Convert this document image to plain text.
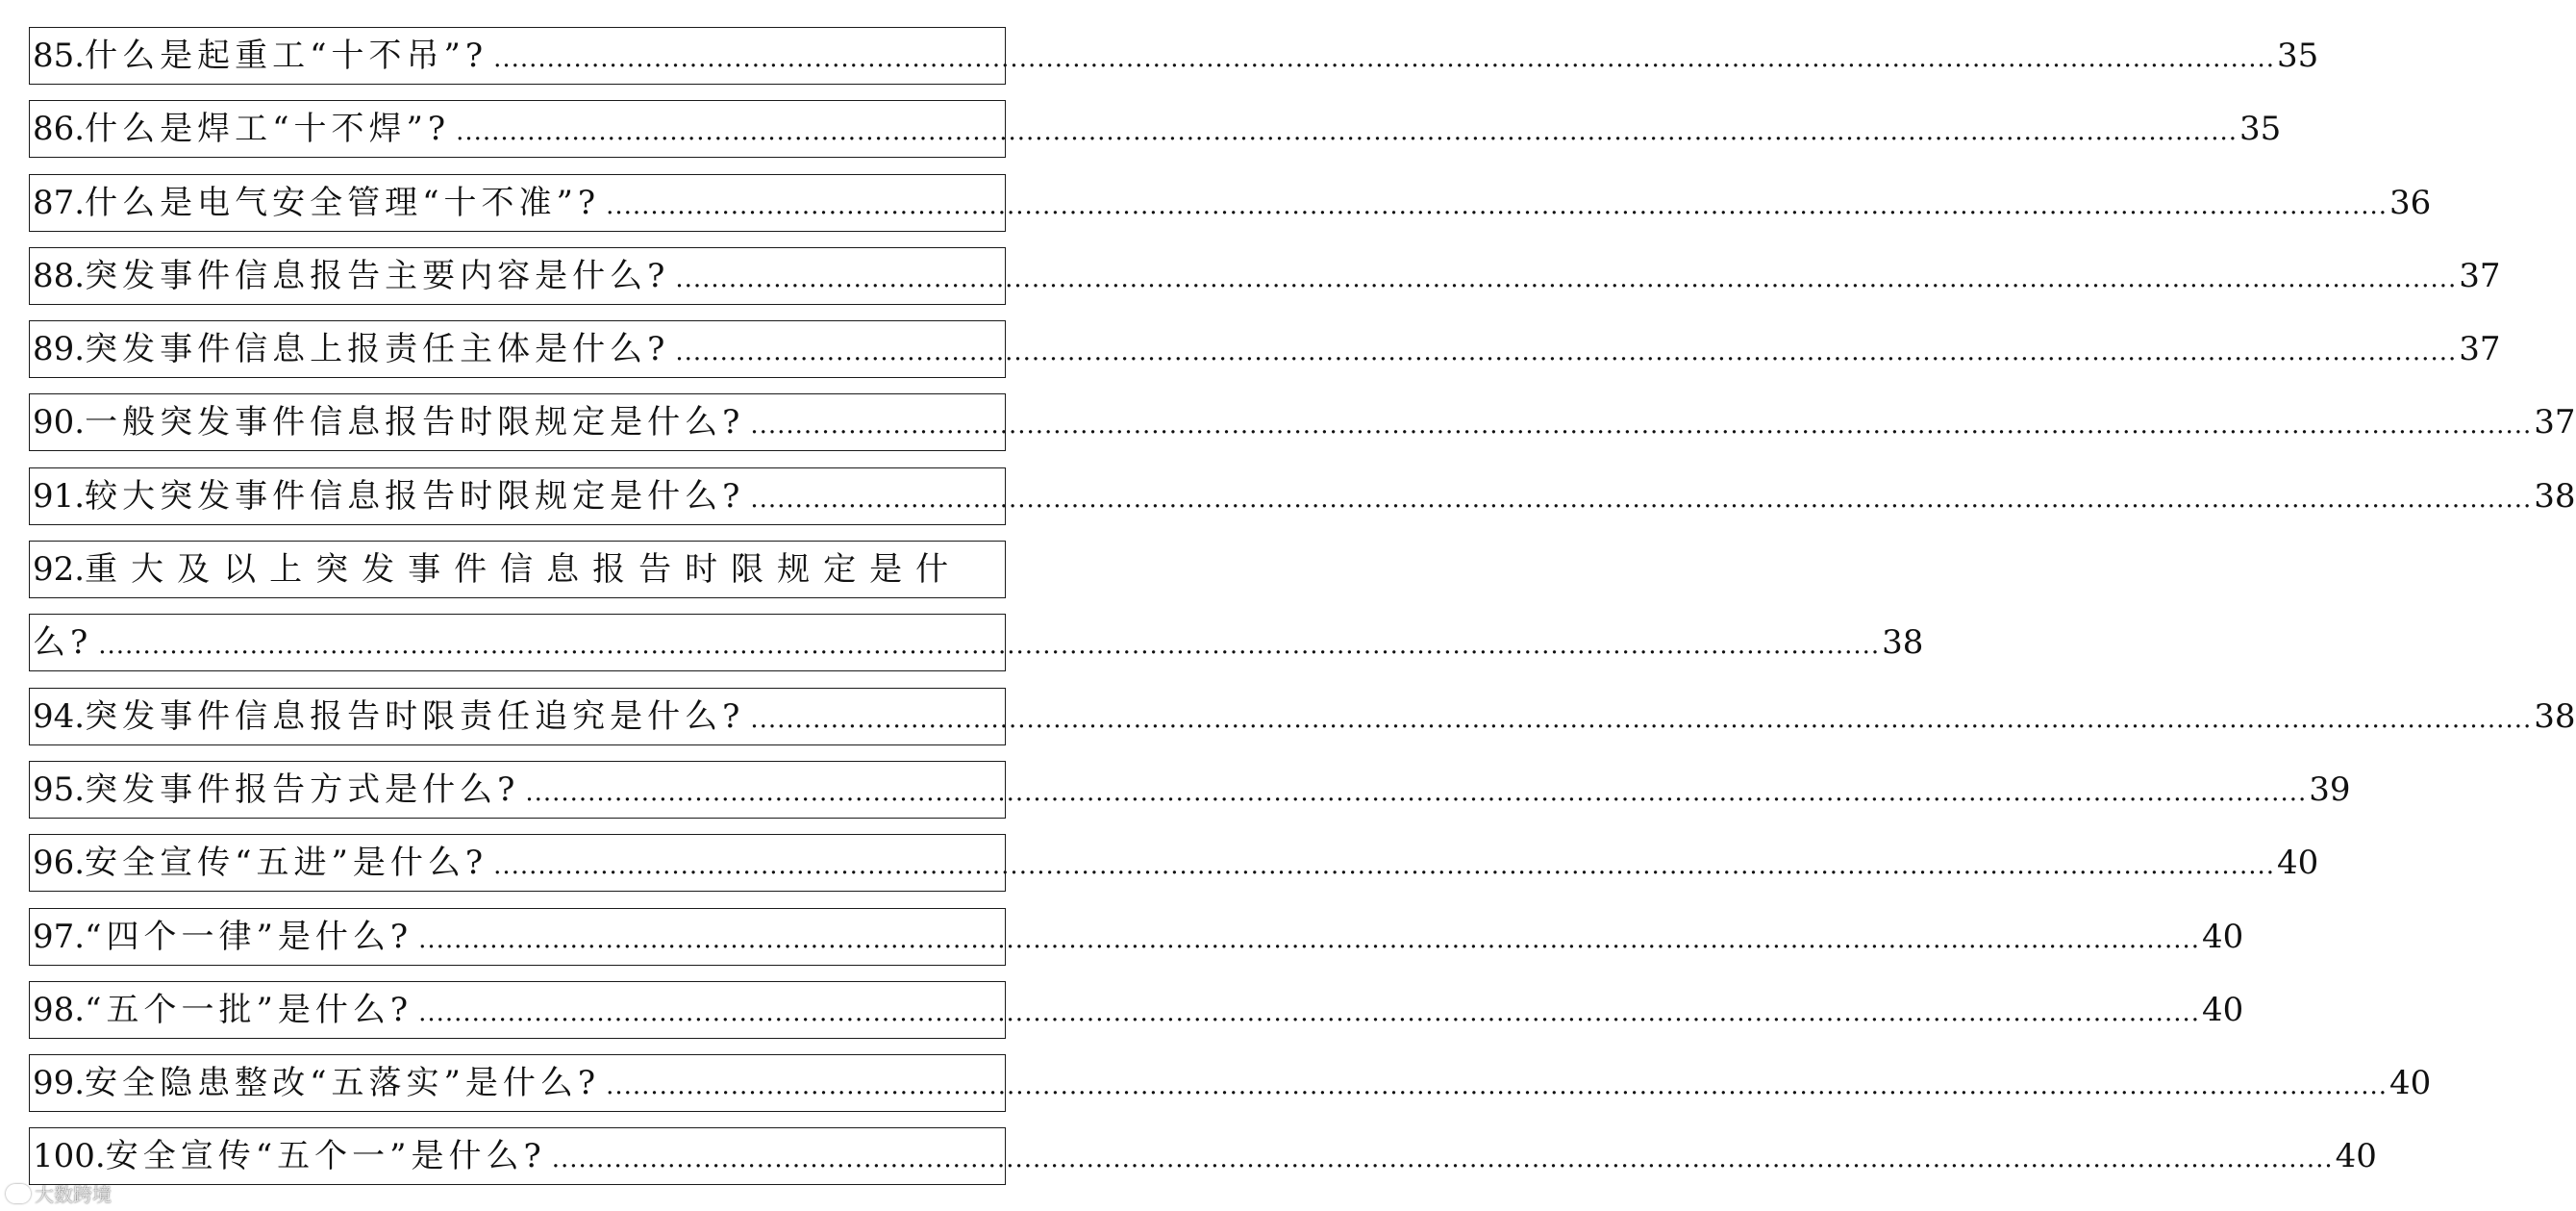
85. 什么是起重工“十不吊”? ........................................................................................................................................................................................................ 35
86. 什么是焊工“十不焊”? ........................................................................................................................................................................................................ 35
87. 什么是电气安全管理“十不准”? ........................................................................................................................................................................................................ 36
88. 突发事件信息报告主要内容是什么? ........................................................................................................................................................................................................ 37
89. 突发事件信息上报责任主体是什么? ........................................................................................................................................................................................................ 37
90. 一般突发事件信息报告时限规定是什么? ........................................................................................................................................................................................................ 37
91. 较大突发事件信息报告时限规定是什么? ........................................................................................................................................................................................................ 38
92. 重大及以上突发事件信息报告时限规定是什
么? ........................................................................................................................................................................................................ 38
94. 突发事件信息报告时限责任追究是什么? ........................................................................................................................................................................................................ 38
95. 突发事件报告方式是什么? ........................................................................................................................................................................................................ 39
96. 安全宣传“五进”是什么? ........................................................................................................................................................................................................ 40
97. “四个一律”是什么? ........................................................................................................................................................................................................ 40
98. “五个一批”是什么? ........................................................................................................................................................................................................ 40
99. 安全隐患整改“五落实”是什么? ........................................................................................................................................................................................................ 40
100. 安全宣传“五个一”是什么? ........................................................................................................................................................................................................ 40
大数跨境
